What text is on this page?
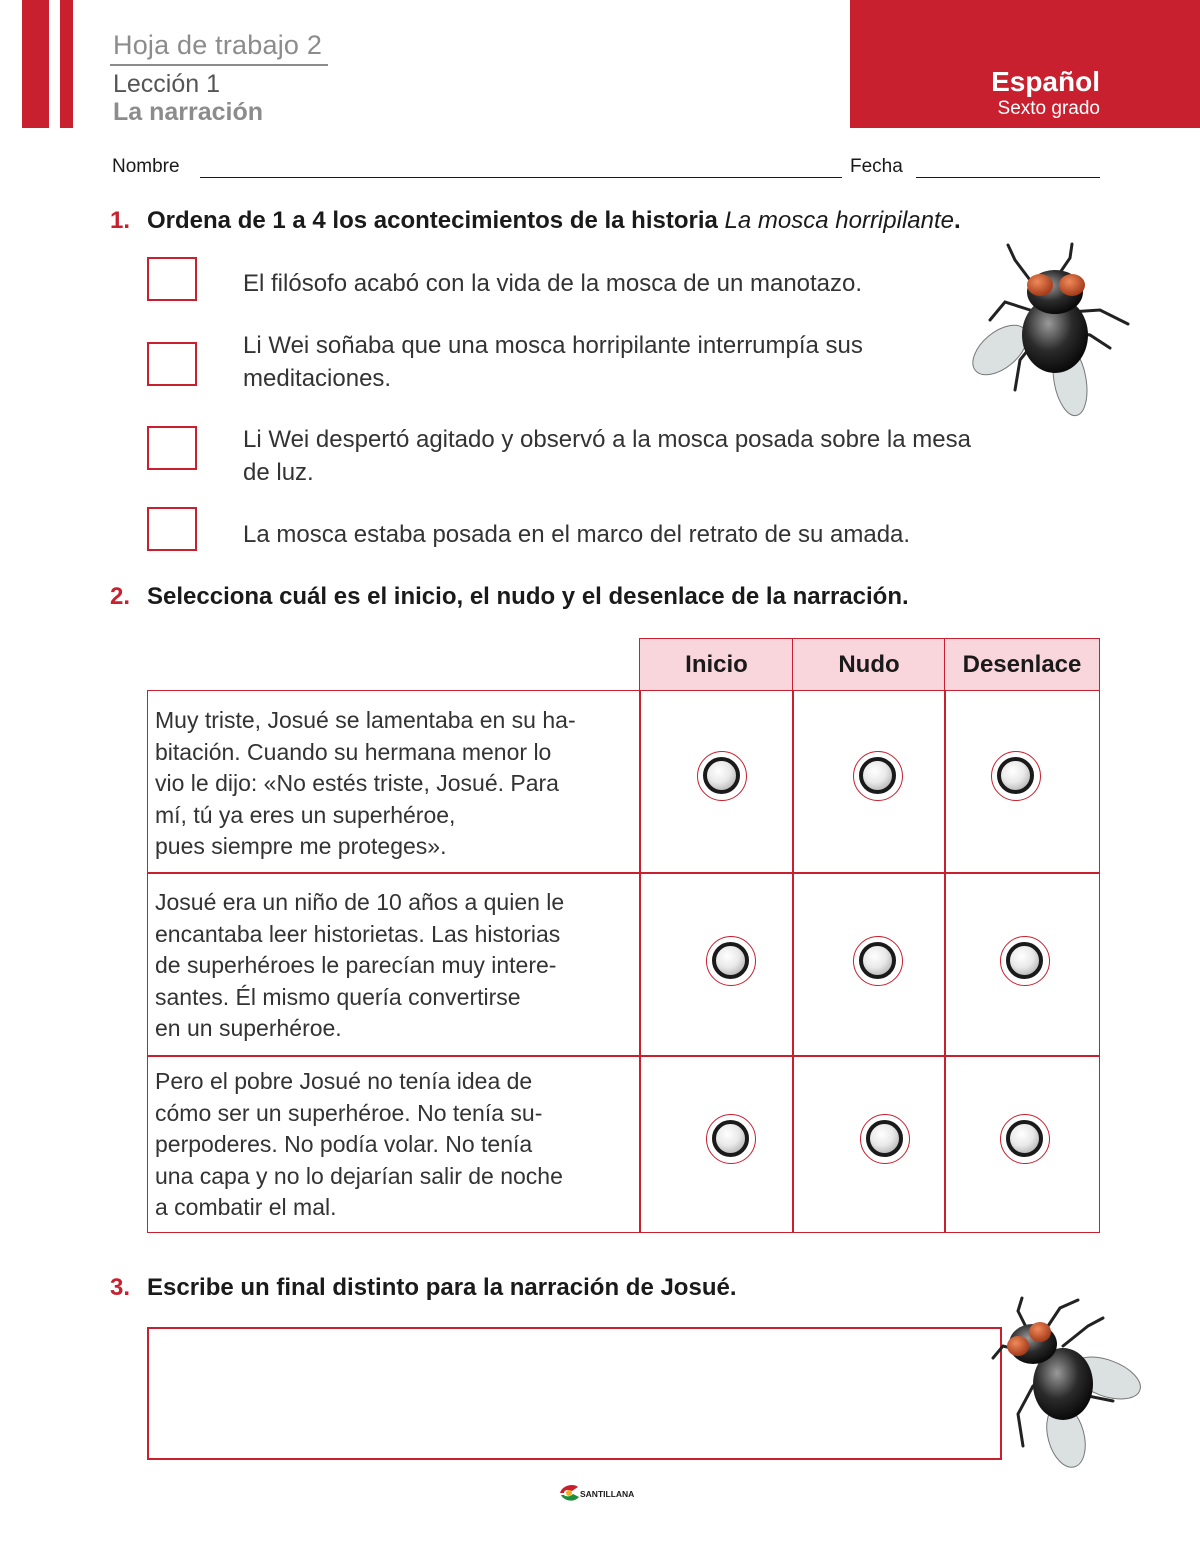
Hoja de trabajo 2
Lección 1
La narración
Español
Sexto grado
Nombre	Fecha
1. Ordena de 1 a 4 los acontecimientos de la historia La mosca horripilante.
El filósofo acabó con la vida de la mosca de un manotazo.
Li Wei soñaba que una mosca horripilante interrumpía sus
meditaciones.
Li Wei despertó agitado y observó a la mosca posada sobre la mesa
de luz.
La mosca estaba posada en el marco del retrato de su amada.
2. Selecciona cuál es el inicio, el nudo y el desenlace de la narración.
Inicio	Nudo	Desenlace
Muy triste, Josué se lamentaba en su ha-
bitación. Cuando su hermana menor lo
vio le dijo: «No estés triste, Josué. Para
mí, tú ya eres un superhéroe,
pues siempre me proteges».
Josué era un niño de 10 años a quien le
encantaba leer historietas. Las historias
de superhéroes le parecían muy intere-
santes. Él mismo quería convertirse
en un superhéroe.
Pero el pobre Josué no tenía idea de
cómo ser un superhéroe. No tenía su-
perpoderes. No podía volar. No tenía
una capa y no lo dejarían salir de noche
a combatir el mal.
3. Escribe un final distinto para la narración de Josué.
SANTILLANA
